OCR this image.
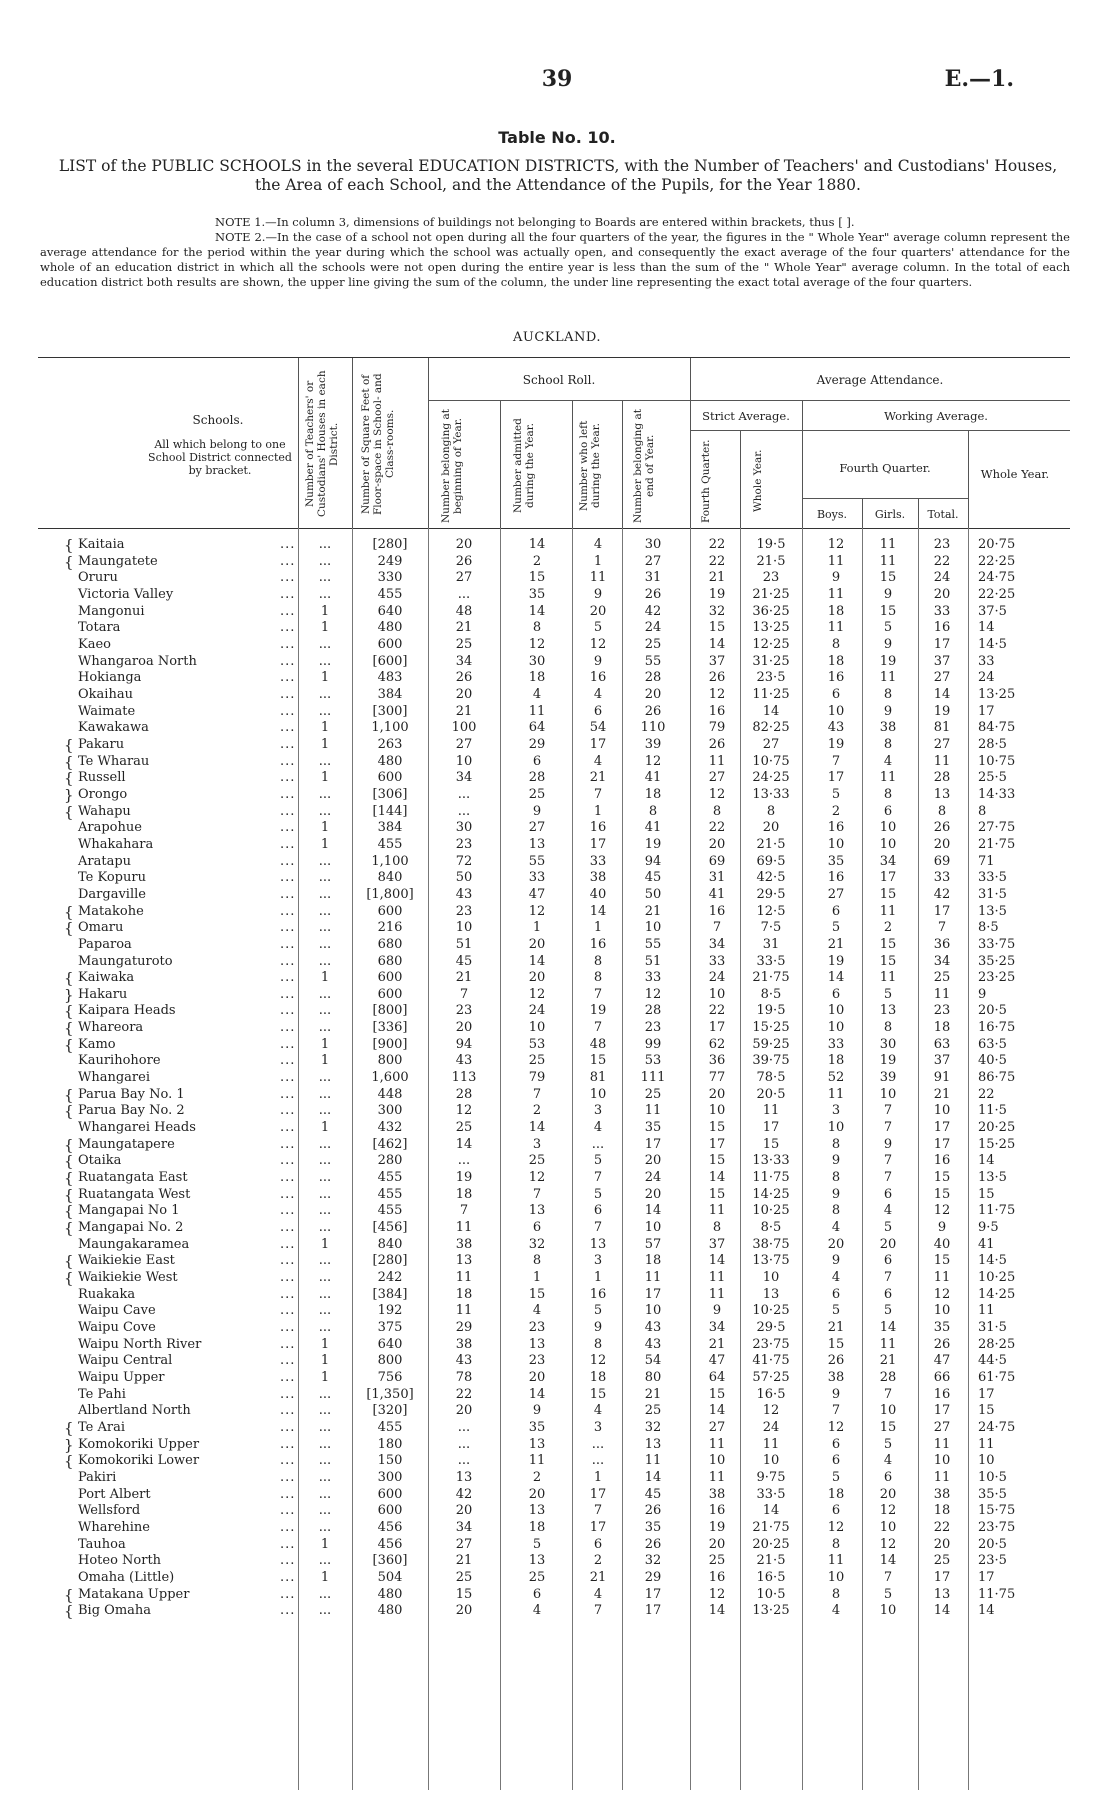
39	E.—1.
Table No. 10.
LIST of the PUBLIC SCHOOLS in the several EDUCATION DISTRICTS, with the Number of Teachers' and Custodians' Houses, the Area of each School, and the Attendance of the Pupils, for the Year 1880.

NOTE 1.—In column 3, dimensions of buildings not belonging to Boards are entered within brackets, thus [ ].

NOTE 2.—In the case of a school not open during all the four quarters of the year, the figures in the " Whole Year" average column represent the average attendance for the period within the year during which the school was actually open, and consequently the exact average of the four quarters' attendance for the whole of an education district in which all the schools were not open during the entire year is less than the sum of the " Whole Year" average column. In the total of each education district both results are shown, the upper line giving the sum of the column, the under line representing the exact total average of the four quarters.

AUCKLAND.
Schools.
All which belong to one School District connected by bracket.	Number of Teachers' or Custodians' Houses in each District.	Number of Square Feet of Floor-space in School- and Class-rooms.
School Roll.
Number belonging at beginning of Year.	Number admitted during the Year.	Number who left during the Year.	Number belonging at end of Year.
Average Attendance.
Strict Average.	Working Average.
Fourth Quarter.	Whole Year.	Fourth Quarter.
Boys.	Girls.	Total.
Whole Year.
{ Kaitaia	...	...	[280]	20	14	4	30	22	19·5	12	11	23	20·75
{ Maungatete	...	...	249	26	2	1	27	22	21·5	11	11	22	22·25
Oruru	...	...	330	27	15	11	31	21	23	9	15	24	24·75
Victoria Valley	...	...	455	...	35	9	26	19	21·25	11	9	20	22·25
Mangonui	...	1	640	48	14	20	42	32	36·25	18	15	33	37·5
Totara	...	1	480	21	8	5	24	15	13·25	11	5	16	14
Kaeo	...	...	600	25	12	12	25	14	12·25	8	9	17	14·5
Whangaroa North	...	...	[600]	34	30	9	55	37	31·25	18	19	37	33
Hokianga	...	1	483	26	18	16	28	26	23·5	16	11	27	24
Okaihau	...	...	384	20	4	4	20	12	11·25	6	8	14	13·25
Waimate	...	...	[300]	21	11	6	26	16	14	10	9	19	17
Kawakawa	...	1	1,100	100	64	54	110	79	82·25	43	38	81	84·75
{ Pakaru	...	1	263	27	29	17	39	26	27	19	8	27	28·5
{ Te Wharau	...	...	480	10	6	4	12	11	10·75	7	4	11	10·75
{ Russell	...	1	600	34	28	21	41	27	24·25	17	11	28	25·5
} Orongo	...	...	[306]	...	25	7	18	12	13·33	5	8	13	14·33
{ Wahapu	...	...	[144]	...	9	1	8	8	8	2	6	8	8
Arapohue	...	1	384	30	27	16	41	22	20	16	10	26	27·75
Whakahara	...	1	455	23	13	17	19	20	21·5	10	10	20	21·75
Aratapu	...	...	1,100	72	55	33	94	69	69·5	35	34	69	71
Te Kopuru	...	...	840	50	33	38	45	31	42·5	16	17	33	33·5
Dargaville	...	...	[1,800]	43	47	40	50	41	29·5	27	15	42	31·5
{ Matakohe	...	...	600	23	12	14	21	16	12·5	6	11	17	13·5
{ Omaru	...	...	216	10	1	1	10	7	7·5	5	2	7	8·5
Paparoa	...	...	680	51	20	16	55	34	31	21	15	36	33·75
Maungaturoto	...	...	680	45	14	8	51	33	33·5	19	15	34	35·25
{ Kaiwaka	...	1	600	21	20	8	33	24	21·75	14	11	25	23·25
} Hakaru	...	...	600	7	12	7	12	10	8·5	6	5	11	9
{ Kaipara Heads	...	...	[800]	23	24	19	28	22	19·5	10	13	23	20·5
{ Whareora	...	...	[336]	20	10	7	23	17	15·25	10	8	18	16·75
{ Kamo	...	1	[900]	94	53	48	99	62	59·25	33	30	63	63·5
Kaurihohore	...	1	800	43	25	15	53	36	39·75	18	19	37	40·5
Whangarei	...	...	1,600	113	79	81	111	77	78·5	52	39	91	86·75
{ Parua Bay No. 1	...	...	448	28	7	10	25	20	20·5	11	10	21	22
{ Parua Bay No. 2	...	...	300	12	2	3	11	10	11	3	7	10	11·5
Whangarei Heads	...	1	432	25	14	4	35	15	17	10	7	17	20·25
{ Maungatapere	...	...	[462]	14	3	...	17	17	15	8	9	17	15·25
{ Otaika	...	...	280	...	25	5	20	15	13·33	9	7	16	14
{ Ruatangata East	...	...	455	19	12	7	24	14	11·75	8	7	15	13·5
{ Ruatangata West	...	...	455	18	7	5	20	15	14·25	9	6	15	15
{ Mangapai No 1	...	...	455	7	13	6	14	11	10·25	8	4	12	11·75
{ Mangapai No. 2	...	...	[456]	11	6	7	10	8	8·5	4	5	9	9·5
Maungakaramea	...	1	840	38	32	13	57	37	38·75	20	20	40	41
{ Waikiekie East	...	...	[280]	13	8	3	18	14	13·75	9	6	15	14·5
{ Waikiekie West	...	...	242	11	1	1	11	11	10	4	7	11	10·25
Ruakaka	...	...	[384]	18	15	16	17	11	13	6	6	12	14·25
Waipu Cave	...	...	192	11	4	5	10	9	10·25	5	5	10	11
Waipu Cove	...	...	375	29	23	9	43	34	29·5	21	14	35	31·5
Waipu North River	...	1	640	38	13	8	43	21	23·75	15	11	26	28·25
Waipu Central	...	1	800	43	23	12	54	47	41·75	26	21	47	44·5
Waipu Upper	...	1	756	78	20	18	80	64	57·25	38	28	66	61·75
Te Pahi	...	...	[1,350]	22	14	15	21	15	16·5	9	7	16	17
Albertland North	...	...	[320]	20	9	4	25	14	12	7	10	17	15
{ Te Arai	...	...	455	...	35	3	32	27	24	12	15	27	24·75
} Komokoriki Upper	...	...	180	...	13	...	13	11	11	6	5	11	11
{ Komokoriki Lower	...	...	150	...	11	...	11	10	10	6	4	10	10
Pakiri	...	...	300	13	2	1	14	11	9·75	5	6	11	10·5
Port Albert	...	...	600	42	20	17	45	38	33·5	18	20	38	35·5
Wellsford	...	...	600	20	13	7	26	16	14	6	12	18	15·75
Wharehine	...	...	456	34	18	17	35	19	21·75	12	10	22	23·75
Tauhoa	...	1	456	27	5	6	26	20	20·25	8	12	20	20·5
Hoteo North	...	...	[360]	21	13	2	32	25	21·5	11	14	25	23·5
Omaha (Little)	...	1	504	25	25	21	29	16	16·5	10	7	17	17
{ Matakana Upper	...	...	480	15	6	4	17	12	10·5	8	5	13	11·75
{ Big Omaha	...	...	480	20	4	7	17	14	13·25	4	10	14	14
